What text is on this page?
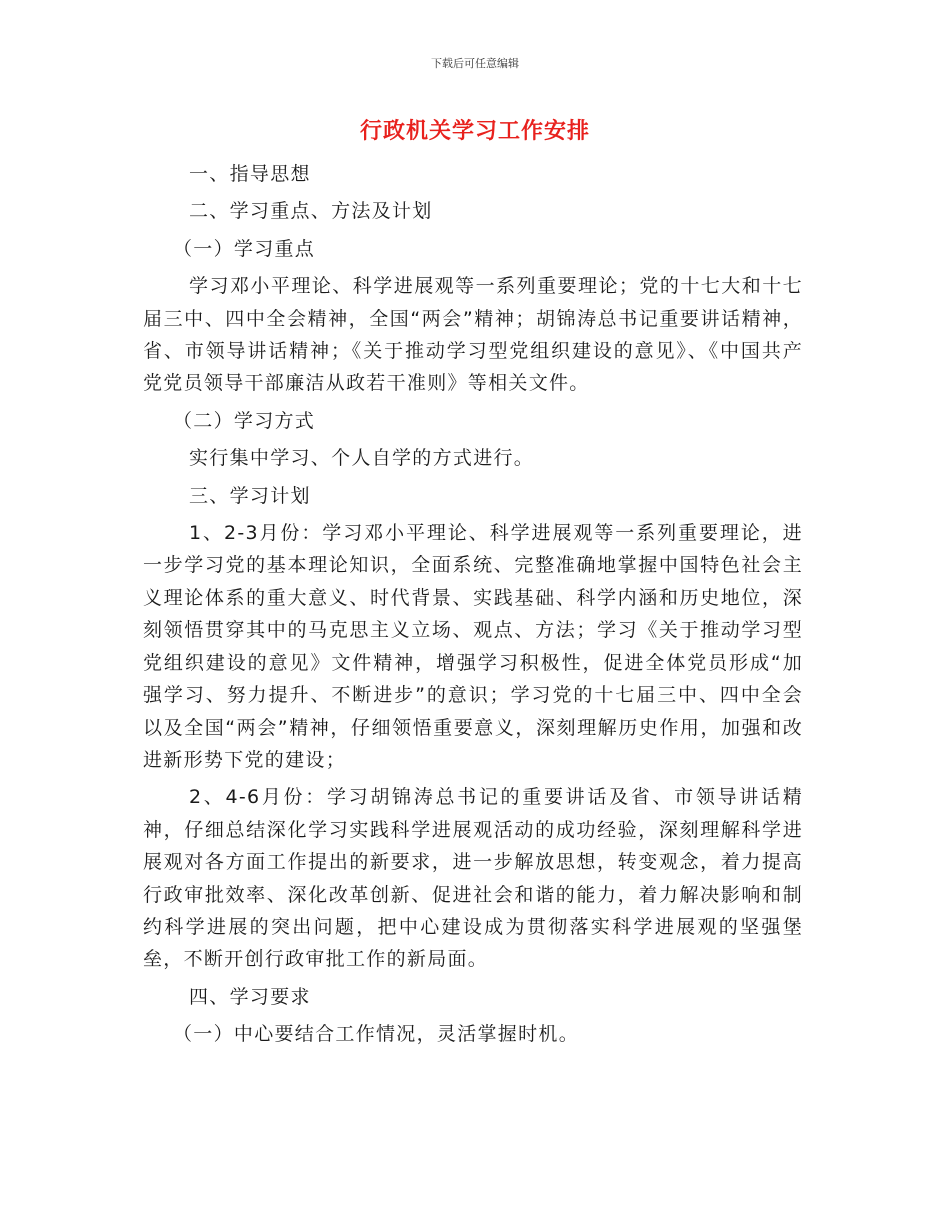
下载后可任意编辑
行政机关学习工作安排

一、指导思想

二、学习重点、方法及计划

（一）学习重点

学习邓小平理论、科学进展观等一系列重要理论；党的十七大和十七届三中、四中全会精神，全国“两会”精神；胡锦涛总书记重要讲话精神，省、市领导讲话精神；《关于推动学习型党组织建设的意见》、《中国共产党党员领导干部廉洁从政若干准则》等相关文件。

（二）学习方式

实行集中学习、个人自学的方式进行。

三、学习计划

1、2-3月份：学习邓小平理论、科学进展观等一系列重要理论，进一步学习党的基本理论知识，全面系统、完整准确地掌握中国特色社会主义理论体系的重大意义、时代背景、实践基础、科学内涵和历史地位，深刻领悟贯穿其中的马克思主义立场、观点、方法；学习《关于推动学习型党组织建设的意见》文件精神，增强学习积极性，促进全体党员形成“加强学习、努力提升、不断进步”的意识；学习党的十七届三中、四中全会以及全国“两会”精神，仔细领悟重要意义，深刻理解历史作用，加强和改进新形势下党的建设；

2、4-6月份：学习胡锦涛总书记的重要讲话及省、市领导讲话精神，仔细总结深化学习实践科学进展观活动的成功经验，深刻理解科学进展观对各方面工作提出的新要求，进一步解放思想，转变观念，着力提高行政审批效率、深化改革创新、促进社会和谐的能力，着力解决影响和制约科学进展的突出问题，把中心建设成为贯彻落实科学进展观的坚强堡垒，不断开创行政审批工作的新局面。

四、学习要求

（一）中心要结合工作情况，灵活掌握时机。
